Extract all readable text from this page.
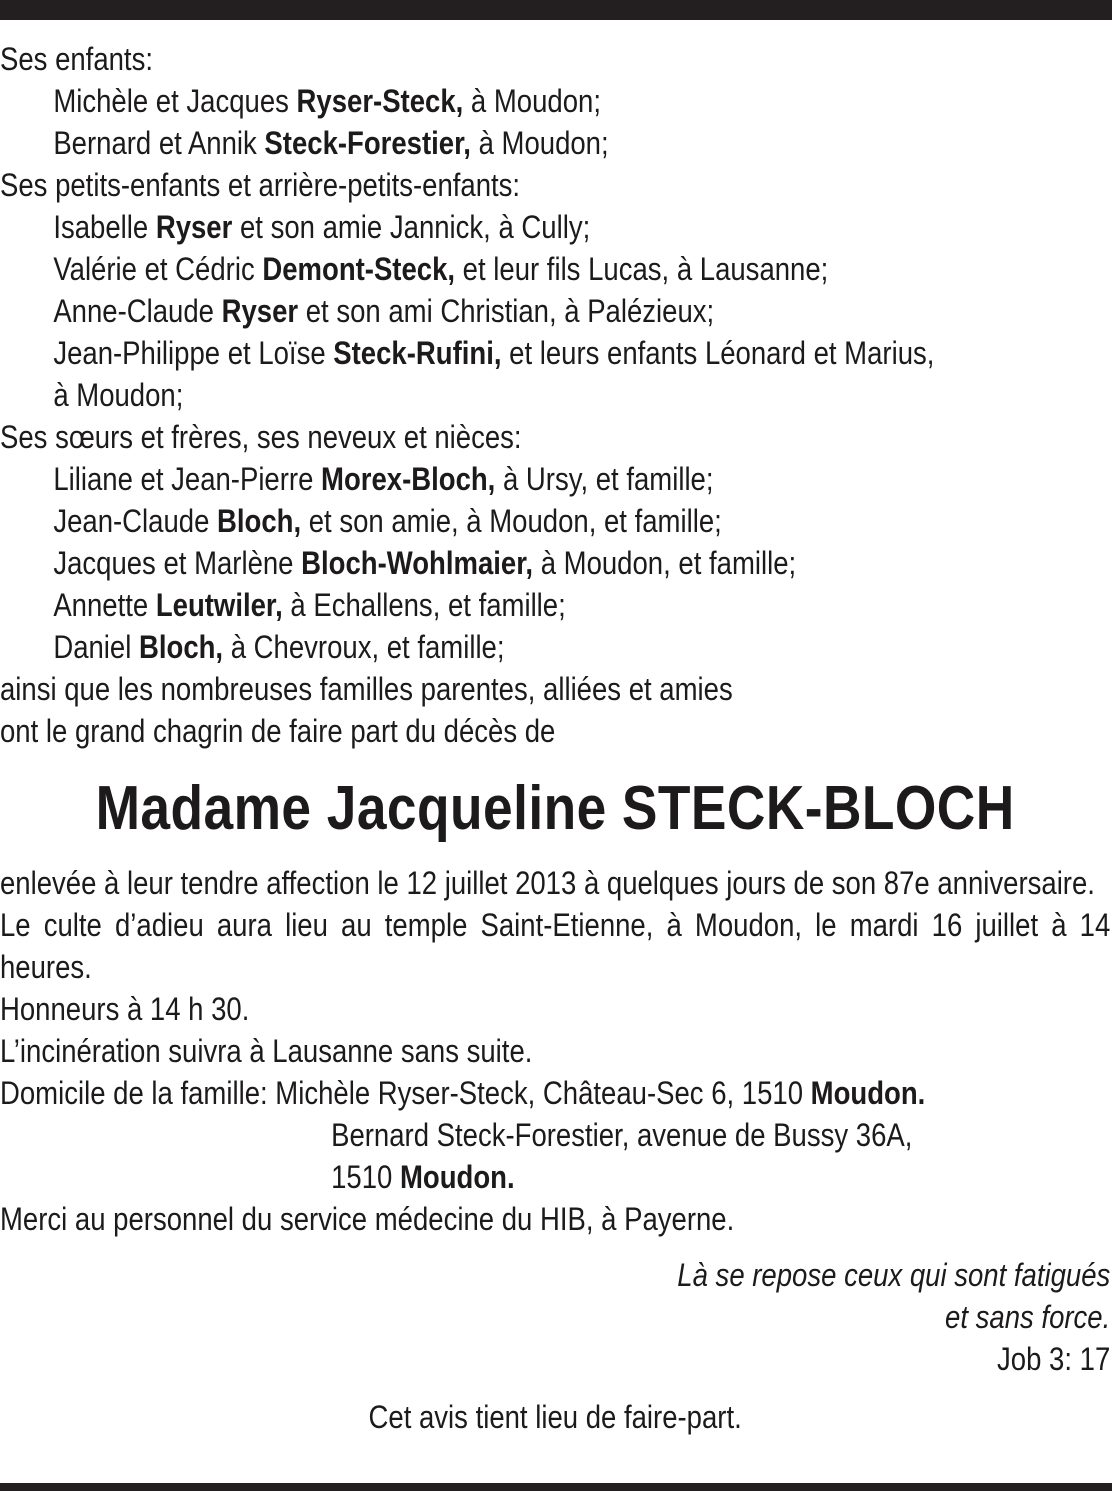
Ses enfants:
Michèle et Jacques Ryser-Steck, à Moudon;
Bernard et Annik Steck-Forestier, à Moudon;
Ses petits-enfants et arrière-petits-enfants:
Isabelle Ryser et son amie Jannick, à Cully;
Valérie et Cédric Demont-Steck, et leur fils Lucas, à Lausanne;
Anne-Claude Ryser et son ami Christian, à Palézieux;
Jean-Philippe et Loïse Steck-Rufini, et leurs enfants Léonard et Marius,
à Moudon;
Ses sœurs et frères, ses neveux et nièces:
Liliane et Jean-Pierre Morex-Bloch, à Ursy, et famille;
Jean-Claude Bloch, et son amie, à Moudon, et famille;
Jacques et Marlène Bloch-Wohlmaier, à Moudon, et famille;
Annette Leutwiler, à Echallens, et famille;
Daniel Bloch, à Chevroux, et famille;
ainsi que les nombreuses familles parentes, alliées et amies
ont le grand chagrin de faire part du décès de
Madame Jacqueline STECK-BLOCH
enlevée à leur tendre affection le 12 juillet 2013 à quelques jours de son 87e anniversaire.
Le culte d’adieu aura lieu au temple Saint-Etienne, à Moudon, le mardi 16 juillet à 14 heures.
Honneurs à 14 h 30.
L’incinération suivra à Lausanne sans suite.
Domicile de la famille: Michèle Ryser-Steck, Château-Sec 6, 1510 Moudon.
Bernard Steck-Forestier, avenue de Bussy 36A,
1510 Moudon.
Merci au personnel du service médecine du HIB, à Payerne.
Là se repose ceux qui sont fatigués
et sans force.
Job 3: 17
Cet avis tient lieu de faire-part.
